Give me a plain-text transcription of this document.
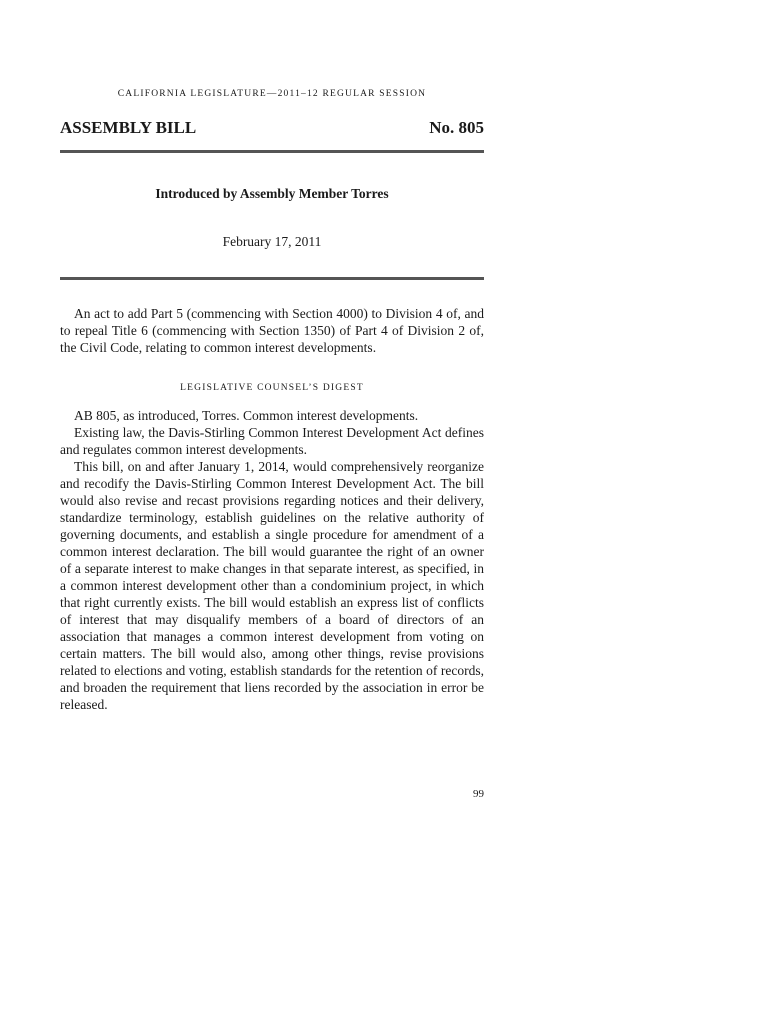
CALIFORNIA LEGISLATURE—2011–12 REGULAR SESSION
ASSEMBLY BILL	No. 805
Introduced by Assembly Member Torres
February 17, 2011
An act to add Part 5 (commencing with Section 4000) to Division 4 of, and to repeal Title 6 (commencing with Section 1350) of Part 4 of Division 2 of, the Civil Code, relating to common interest developments.
LEGISLATIVE COUNSEL’S DIGEST

AB 805, as introduced, Torres. Common interest developments.

Existing law, the Davis-Stirling Common Interest Development Act defines and regulates common interest developments.

This bill, on and after January 1, 2014, would comprehensively reorganize and recodify the Davis-Stirling Common Interest Development Act. The bill would also revise and recast provisions regarding notices and their delivery, standardize terminology, establish guidelines on the relative authority of governing documents, and establish a single procedure for amendment of a common interest declaration. The bill would guarantee the right of an owner of a separate interest to make changes in that separate interest, as specified, in a common interest development other than a condominium project, in which that right currently exists. The bill would establish an express list of conflicts of interest that may disqualify members of a board of directors of an association that manages a common interest development from voting on certain matters. The bill would also, among other things, revise provisions related to elections and voting, establish standards for the retention of records, and broaden the requirement that liens recorded by the association in error be released.

99
